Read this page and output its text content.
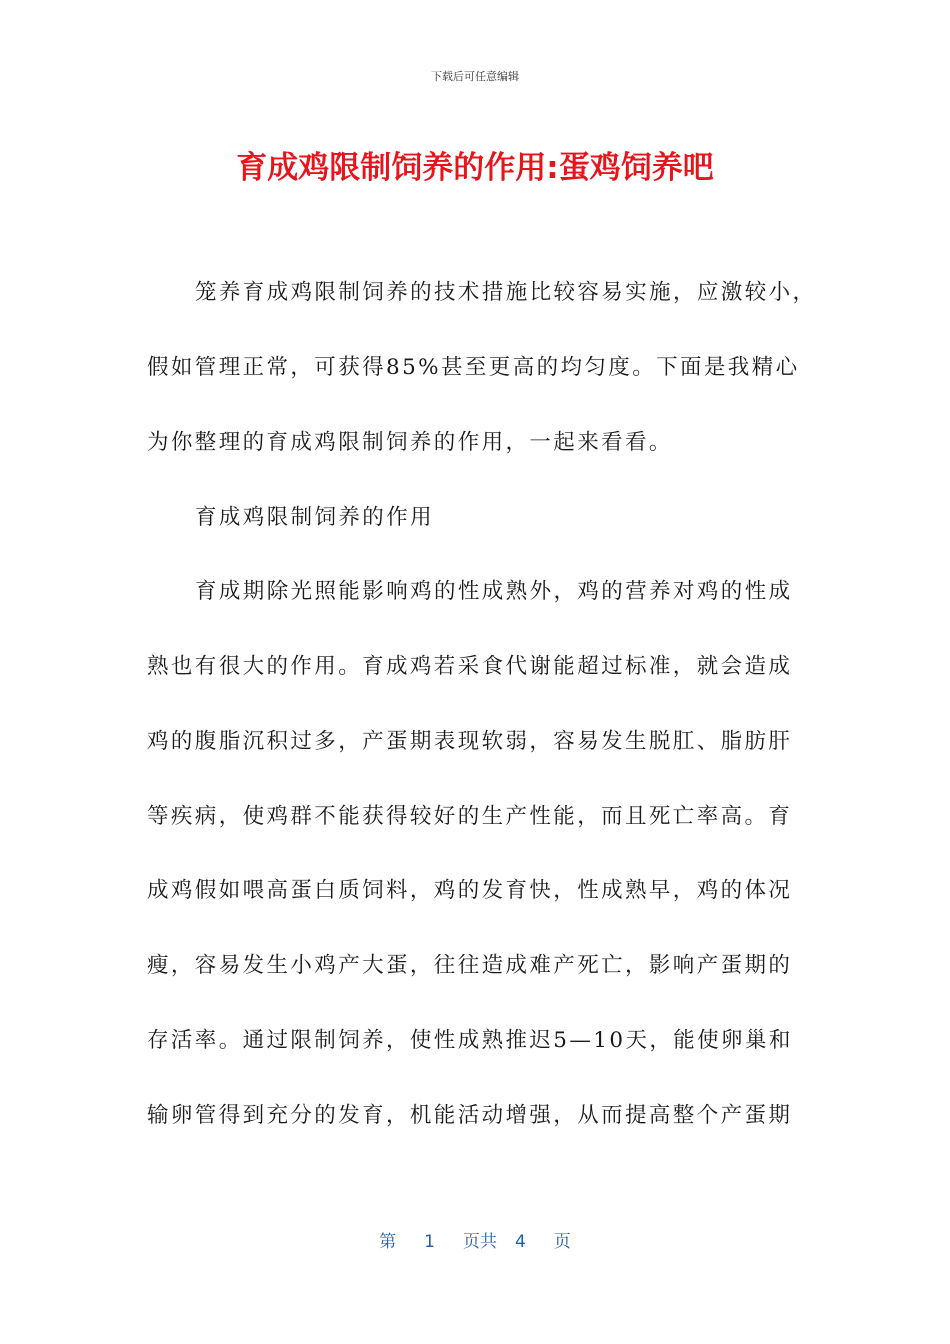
下载后可任意编辑
育成鸡限制饲养的作用:蛋鸡饲养吧
笼养育成鸡限制饲养的技术措施比较容易实施，应激较小，
假如管理正常，可获得85%甚至更高的均匀度。下面是我精心
为你整理的育成鸡限制饲养的作用，一起来看看。
育成鸡限制饲养的作用
育成期除光照能影响鸡的性成熟外，鸡的营养对鸡的性成
熟也有很大的作用。育成鸡若采食代谢能超过标准，就会造成
鸡的腹脂沉积过多，产蛋期表现软弱，容易发生脱肛、脂肪肝
等疾病，使鸡群不能获得较好的生产性能，而且死亡率高。育
成鸡假如喂高蛋白质饲料，鸡的发育快，性成熟早，鸡的体况
瘦，容易发生小鸡产大蛋，往往造成难产死亡，影响产蛋期的
存活率。通过限制饲养，使性成熟推迟5—10天，能使卵巢和
输卵管得到充分的发育，机能活动增强，从而提高整个产蛋期
第 1 页共 4 页
